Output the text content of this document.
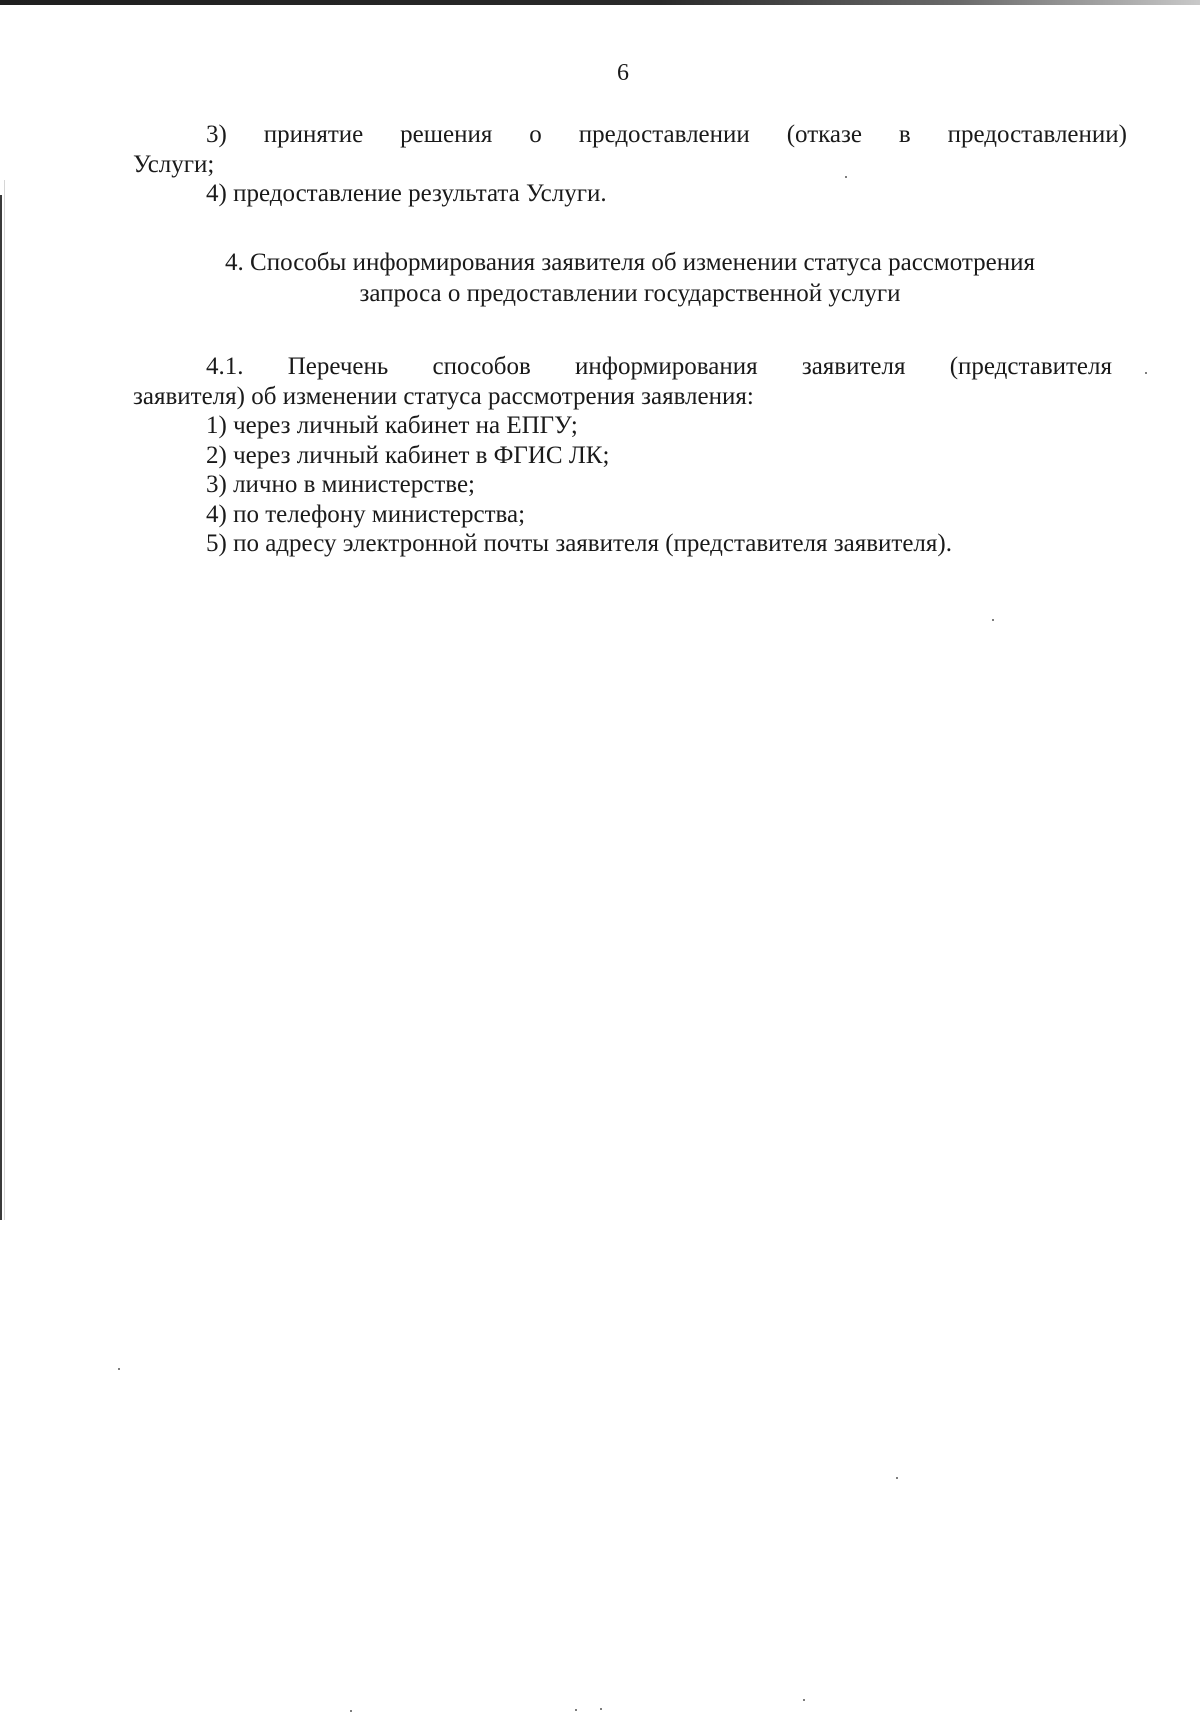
6
3) принятие решения о предоставлении (отказе в предоставлении)
Услуги;
4) предоставление результата Услуги.
4. Способы информирования заявителя об изменении статуса рассмотрения
запроса о предоставлении государственной услуги
4.1. Перечень способов информирования заявителя (представителя
заявителя) об изменении статуса рассмотрения заявления:
1) через личный кабинет на ЕПГУ;
2) через личный кабинет в ФГИС ЛК;
3) лично в министерстве;
4) по телефону министерства;
5) по адресу электронной почты заявителя (представителя заявителя).
